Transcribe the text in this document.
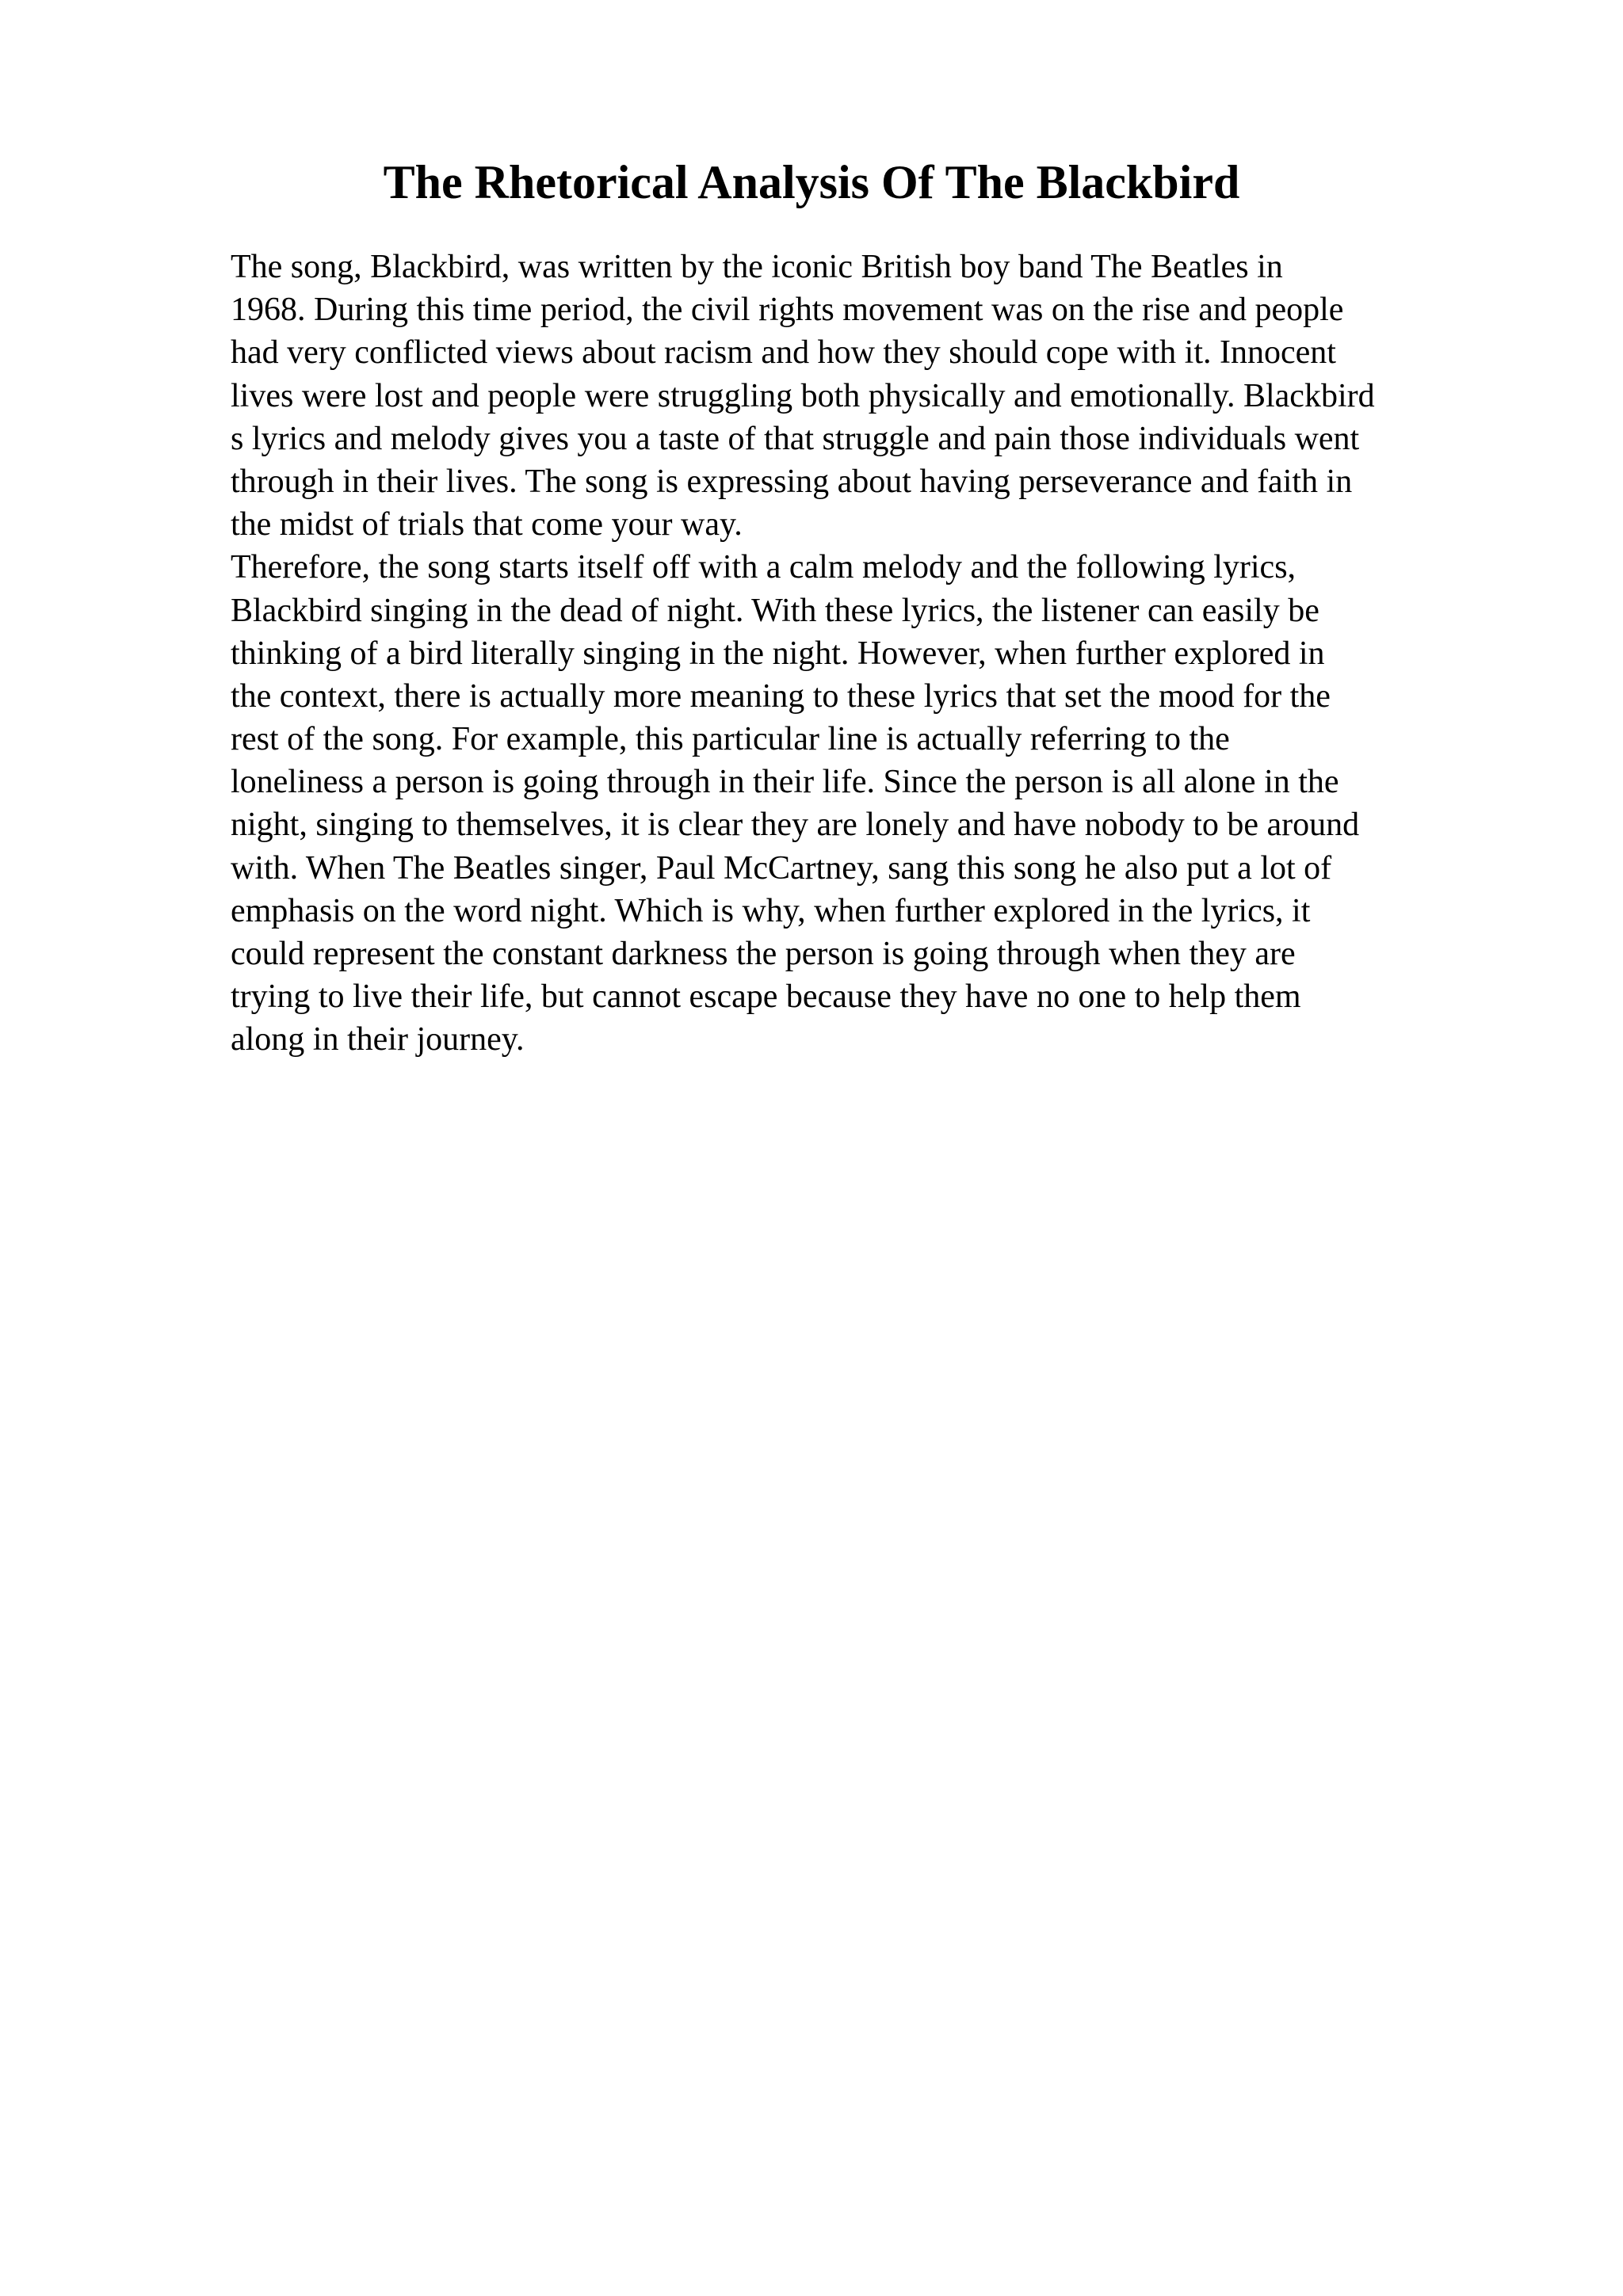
The Rhetorical Analysis Of The Blackbird
The song, Blackbird, was written by the iconic British boy band The Beatles in
1968. During this time period, the civil rights movement was on the rise and people
had very conflicted views about racism and how they should cope with it. Innocent
lives were lost and people were struggling both physically and emotionally. Blackbird
s lyrics and melody gives you a taste of that struggle and pain those individuals went
through in their lives. The song is expressing about having perseverance and faith in
the midst of trials that come your way.
Therefore, the song starts itself off with a calm melody and the following lyrics,
Blackbird singing in the dead of night. With these lyrics, the listener can easily be
thinking of a bird literally singing in the night. However, when further explored in
the context, there is actually more meaning to these lyrics that set the mood for the
rest of the song. For example, this particular line is actually referring to the
loneliness a person is going through in their life. Since the person is all alone in the
night, singing to themselves, it is clear they are lonely and have nobody to be around
with. When The Beatles singer, Paul McCartney, sang this song he also put a lot of
emphasis on the word night. Which is why, when further explored in the lyrics, it
could represent the constant darkness the person is going through when they are
trying to live their life, but cannot escape because they have no one to help them
along in their journey.
